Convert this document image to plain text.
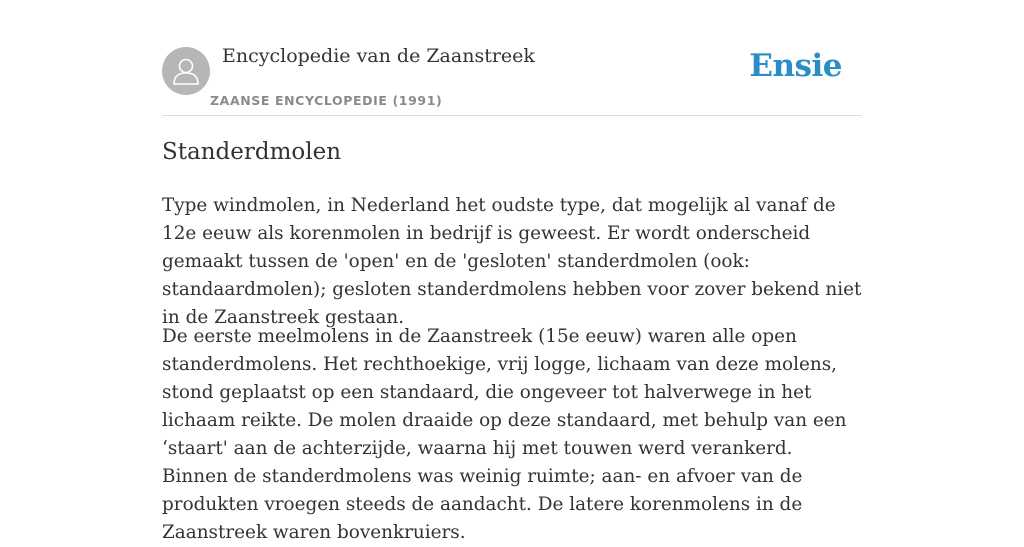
Encyclopedie van de Zaanstreek
ZAANSE ENCYCLOPEDIE (1991)
Ensie
Standerdmolen

Type windmolen, in Nederland het oudste type, dat mogelijk al vanaf de 12e eeuw als korenmolen in bedrijf is geweest. Er wordt onderscheid gemaakt tussen de 'open' en de 'gesloten' standerdmolen (ook: standaardmolen); gesloten standerdmolens hebben voor zover bekend niet in de Zaanstreek gestaan.

De eerste meelmolens in de Zaanstreek (15e eeuw) waren alle open standerdmolens. Het rechthoekige, vrij logge, lichaam van deze molens, stond geplaatst op een standaard, die ongeveer tot halverwege in het lichaam reikte. De molen draaide op deze standaard, met behulp van een ‘staart' aan de achterzijde, waarna hij met touwen werd verankerd. Binnen de standerdmolens was weinig ruimte; aan- en afvoer van de produkten vroegen steeds de aandacht. De latere korenmolens in de Zaanstreek waren bovenkruiers.
